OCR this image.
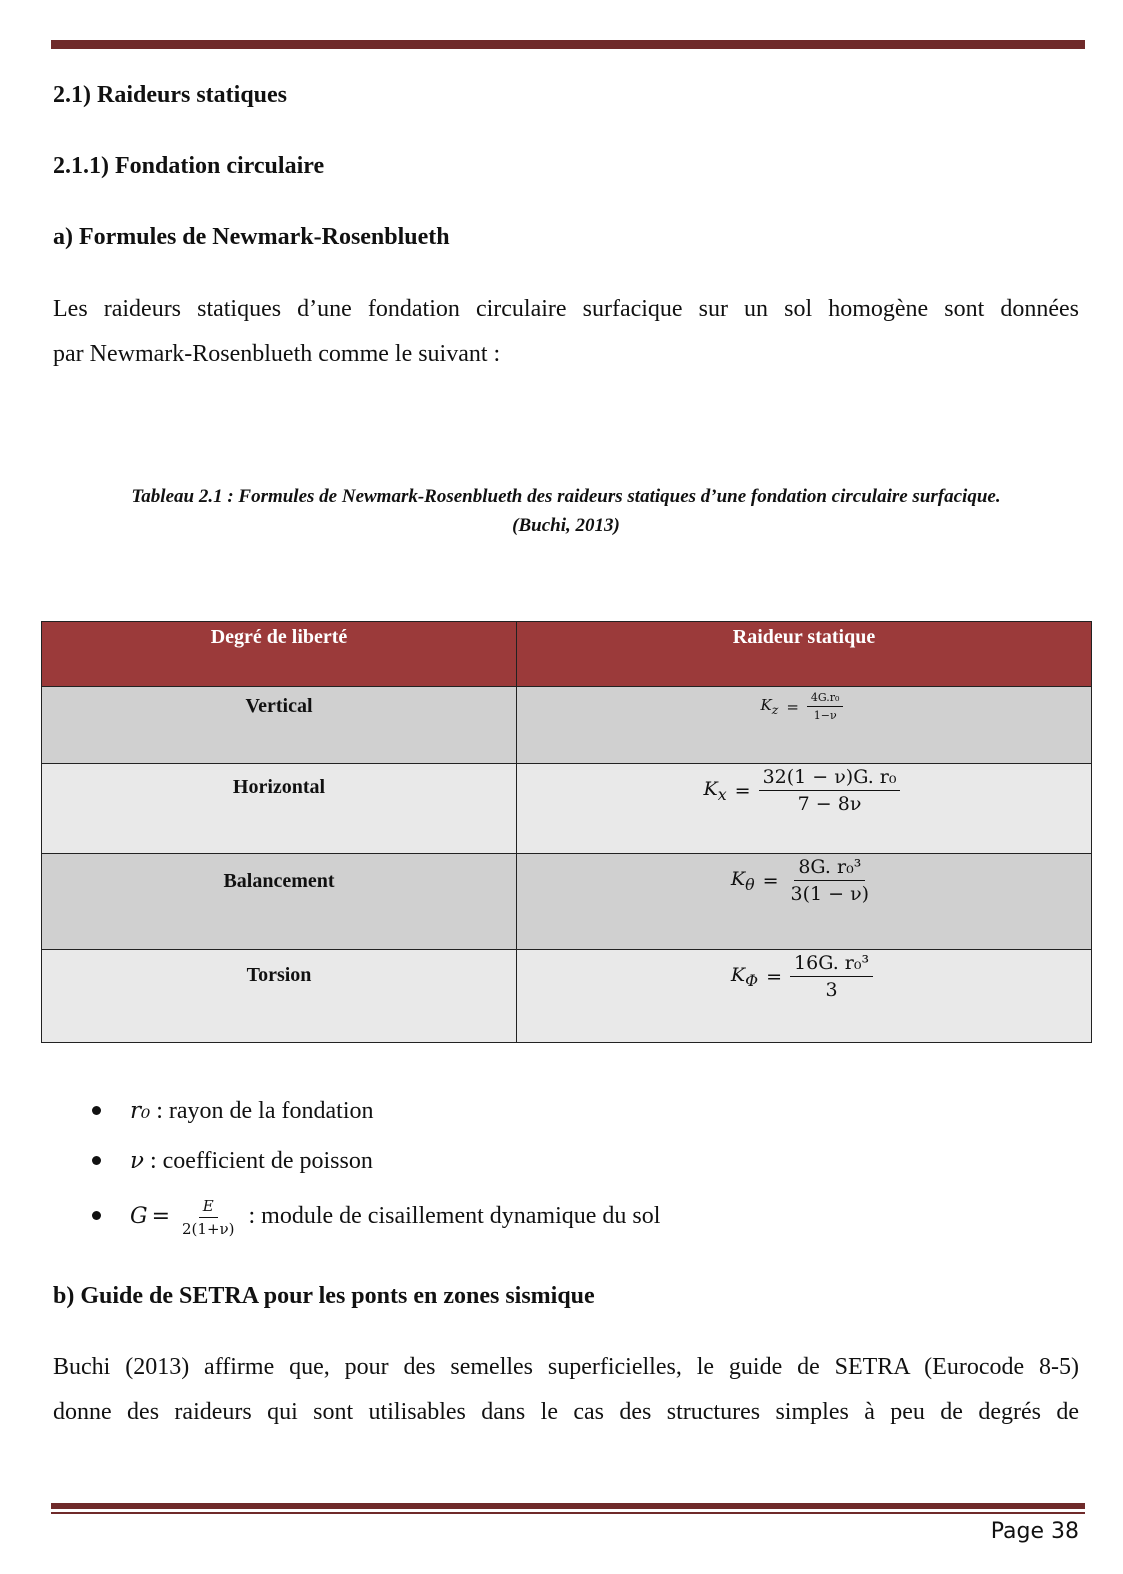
2.1) Raideurs statiques
2.1.1) Fondation circulaire
a) Formules de Newmark-Rosenblueth
Les raideurs statiques d’une fondation circulaire surfacique sur un sol homogène sont données
par Newmark-Rosenblueth comme le suivant :
Tableau 2.1 : Formules de Newmark-Rosenblueth des raideurs statiques d’une fondation circulaire surfacique.
(Buchi, 2013)
Degré de liberté	Raideur statique
Vertical	$K_z = \frac{\text{4G.r₀}}{1-\nu}$

Horizontal	$K_x = \frac{\text{32(1 − ν)G. r₀}}{7 - 8\nu}$

Balancement	$K_\theta = \frac{\text{8G. r₀³}}{3(1 - \nu)}$

Torsion	$K_\Phi = \frac{\text{16G. r₀³}}{3}$
r₀ : rayon de la fondation
ν : coefficient de poisson
$G = \frac{E}{2(1+\nu)}$ : module de cisaillement dynamique du sol
b) Guide de SETRA pour les ponts en zones sismique
Buchi (2013) affirme que, pour des semelles superficielles, le guide de SETRA (Eurocode 8-5)
donne des raideurs qui sont utilisables dans le cas des structures simples à peu de degrés de
Page 38
